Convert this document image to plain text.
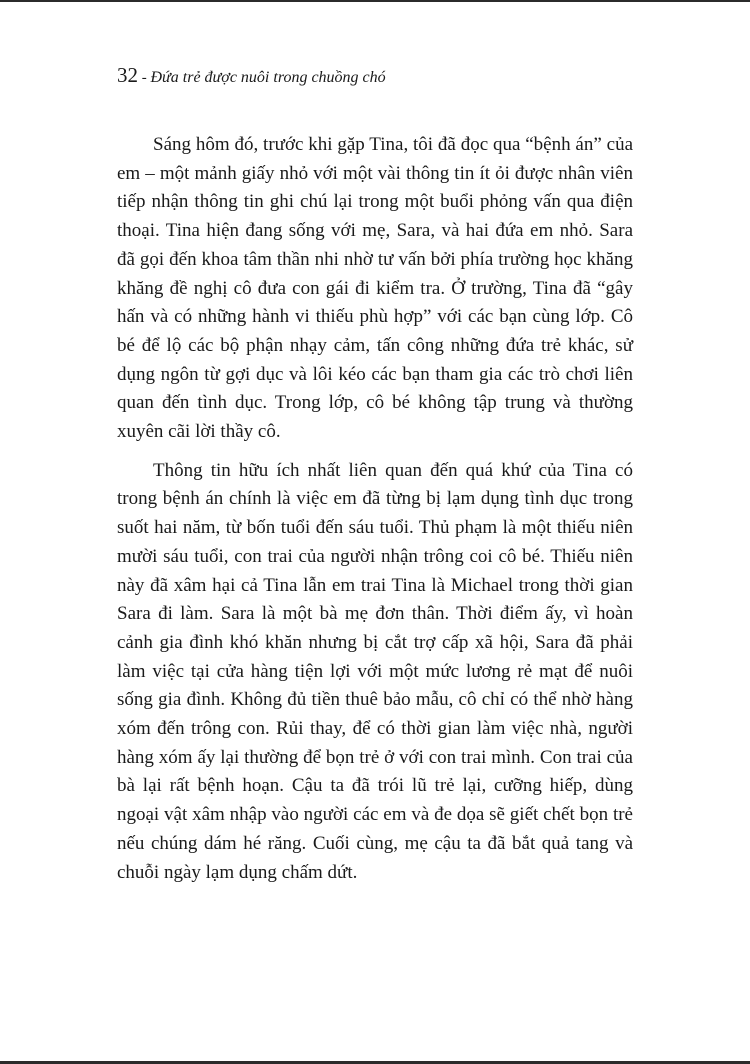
32 - Đứa trẻ được nuôi trong chuồng chó

Sáng hôm đó, trước khi gặp Tina, tôi đã đọc qua “bệnh án” của em – một mảnh giấy nhỏ với một vài thông tin ít ỏi được nhân viên tiếp nhận thông tin ghi chú lại trong một buổi phỏng vấn qua điện thoại. Tina hiện đang sống với mẹ, Sara, và hai đứa em nhỏ. Sara đã gọi đến khoa tâm thần nhi nhờ tư vấn bởi phía trường học khăng khăng đề nghị cô đưa con gái đi kiểm tra. Ở trường, Tina đã “gây hấn và có những hành vi thiếu phù hợp” với các bạn cùng lớp. Cô bé để lộ các bộ phận nhạy cảm, tấn công những đứa trẻ khác, sử dụng ngôn từ gợi dục và lôi kéo các bạn tham gia các trò chơi liên quan đến tình dục. Trong lớp, cô bé không tập trung và thường xuyên cãi lời thầy cô.

Thông tin hữu ích nhất liên quan đến quá khứ của Tina có trong bệnh án chính là việc em đã từng bị lạm dụng tình dục trong suốt hai năm, từ bốn tuổi đến sáu tuổi. Thủ phạm là một thiếu niên mười sáu tuổi, con trai của người nhận trông coi cô bé. Thiếu niên này đã xâm hại cả Tina lẫn em trai Tina là Michael trong thời gian Sara đi làm. Sara là một bà mẹ đơn thân. Thời điểm ấy, vì hoàn cảnh gia đình khó khăn nhưng bị cắt trợ cấp xã hội, Sara đã phải làm việc tại cửa hàng tiện lợi với một mức lương rẻ mạt để nuôi sống gia đình. Không đủ tiền thuê bảo mẫu, cô chỉ có thể nhờ hàng xóm đến trông con. Rủi thay, để có thời gian làm việc nhà, người hàng xóm ấy lại thường để bọn trẻ ở với con trai mình. Con trai của bà lại rất bệnh hoạn. Cậu ta đã trói lũ trẻ lại, cưỡng hiếp, dùng ngoại vật xâm nhập vào người các em và đe dọa sẽ giết chết bọn trẻ nếu chúng dám hé răng. Cuối cùng, mẹ cậu ta đã bắt quả tang và chuỗi ngày lạm dụng chấm dứt.
